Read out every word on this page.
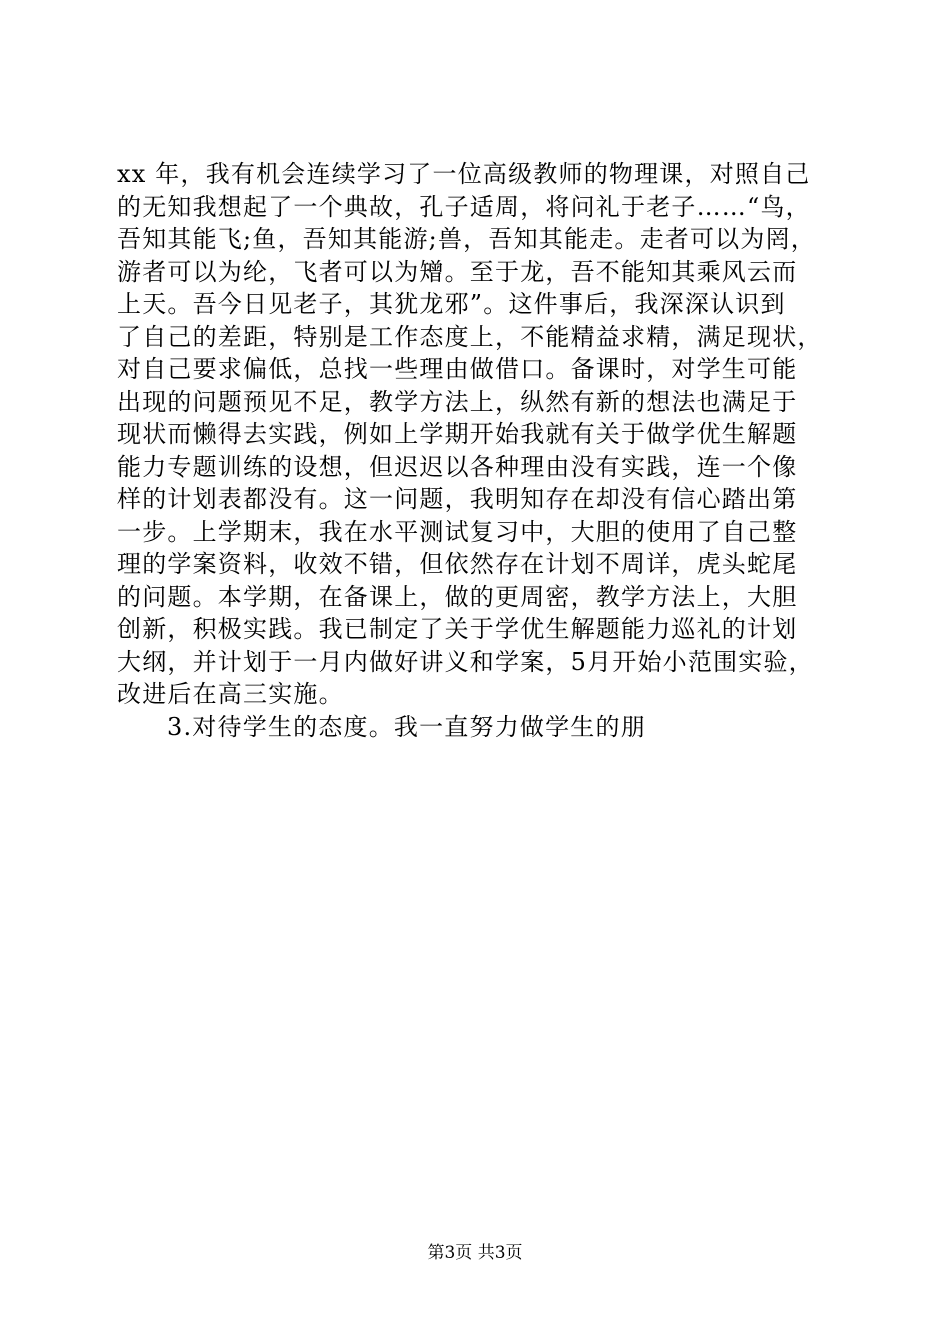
xx 年，我有机会连续学习了一位高级教师的物理课，对照自己
的无知我想起了一个典故，孔子适周，将问礼于老子……“鸟，
吾知其能飞;鱼，吾知其能游;兽，吾知其能走。走者可以为罔，
游者可以为纶，飞者可以为矰。至于龙，吾不能知其乘风云而
上天。吾今日见老子，其犹龙邪”。这件事后，我深深认识到
了自己的差距，特别是工作态度上，不能精益求精，满足现状，
对自己要求偏低，总找一些理由做借口。备课时，对学生可能
出现的问题预见不足，教学方法上，纵然有新的想法也满足于
现状而懒得去实践，例如上学期开始我就有关于做学优生解题
能力专题训练的设想，但迟迟以各种理由没有实践，连一个像
样的计划表都没有。这一问题，我明知存在却没有信心踏出第
一步。上学期末，我在水平测试复习中，大胆的使用了自己整
理的学案资料，收效不错，但依然存在计划不周详，虎头蛇尾
的问题。本学期，在备课上，做的更周密，教学方法上，大胆
创新，积极实践。我已制定了关于学优生解题能力巡礼的计划
大纲，并计划于一月内做好讲义和学案，5月开始小范围实验，
改进后在高三实施。
3.对待学生的态度。我一直努力做学生的朋
第3页 共3页
